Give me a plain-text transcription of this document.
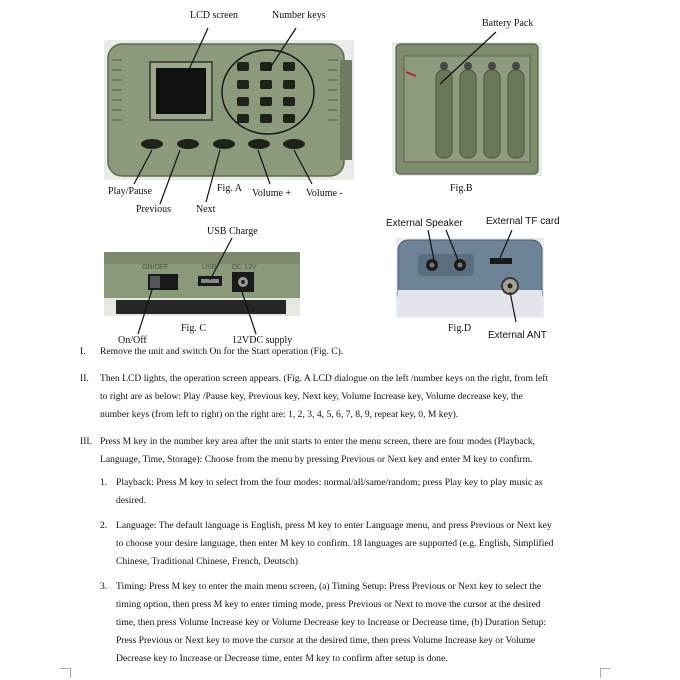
LCD screen	Number keys
Play/Pause
Previous	Next
Fig. A Volume + Volume -
Battery Pack
Fig.B
ON/OFF	USB DC 12V
USB Charge
On/Off
Fig. C
12VDC supply
External Speaker External TF card
Fig.D
External ANT
I.	Remove the unit and switch On for the Start operation (Fig. C).
II.	Then LCD lights, the operation screen appears. (Fig. A LCD dialogue on the left /number keys on the right, from left
to right are as below: Play /Pause key, Previous key, Next key, Volume Increase key, Volume decrease key, the
number keys (from left to right) on the right are: 1, 2, 3, 4, 5, 6, 7, 8, 9, repeat key, 0, M key).
III. Press M key in the number key area after the unit starts to enter the menu screen, there are four modes (Playback,
Language, Time, Storage): Choose from the menu by pressing Previous or Next key and enter M key to confirm.
1. Playback: Press M key to select from the four modes: normal/all/same/random; press Play key to play music as
desired.
2. Language: The default language is English, press M key to enter Language menu, and press Previous or Next key
to choose your desire language, then enter M key to confirm. 18 languages are supported (e.g. English, Simplified
Chinese, Traditional Chinese, French, Deutsch)
3. Timing: Press M key to enter the main menu screen, (a) Timing Setup: Press Previous or Next key to select the
timing option, then press M key to enter timing mode, press Previous or Next to move the cursor at the desired
time, then press Volume Increase key or Volume Decrease key to Increase or Decrease time, (b) Duration Setup:
Press Previous or Next key to move the cursor at the desired time, then press Volume Increase key or Volume
Decrease key to Increase or Decrease time, enter M key to confirm after setup is done.
